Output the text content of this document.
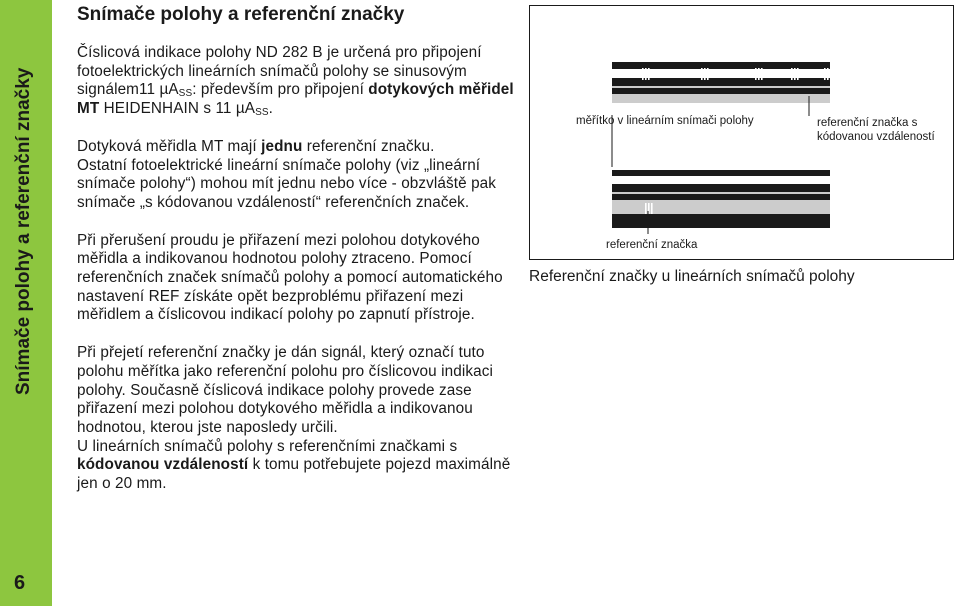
Snímače polohy a referenční značky
6
Snímače polohy a referenční značky

Číslicová indikace polohy ND 282 B je určená pro připojení fotoelektrických lineárních snímačů polohy se sinusovým signálem11 µA$_{SS}$: především pro připojení dotykových měřidel MT HEIDENHAIN s 11 µA$_{SS}$.

Dotyková měřidla MT mají jednu referenční značku.
Ostatní fotoelektrické lineární snímače polohy (viz „lineární snímače polohy“) mohou mít jednu nebo více - obzvláště pak snímače „s kódovanou vzdáleností“ referenčních značek.

Při přerušení proudu je přiřazení mezi polohou dotykového měřidla a indikovanou hodnotou polohy ztraceno. Pomocí referenčních značek snímačů polohy a pomocí automatického nastavení REF získáte opět bezproblému přiřazení mezi měřidlem a číslicovou indikací polohy po zapnutí přístroje.

Při přejetí referenční značky je dán signál, který označí tuto polohu měřítka jako referenční polohu pro číslicovou indikaci polohy. Současně číslicová indikace polohy provede zase přiřazení mezi polohou dotykového měřidla a indikovanou hodnotou, kterou jste naposledy určili.
U lineárních snímačů polohy s referenčními značkami s kódovanou vzdáleností k tomu potřebujete pojezd maximálně jen o 20 mm.

měřítko v lineárním snímači polohy	referenční značka s kódovanou vzdáleností
referenční značka
Referenční značky u lineárních snímačů polohy
